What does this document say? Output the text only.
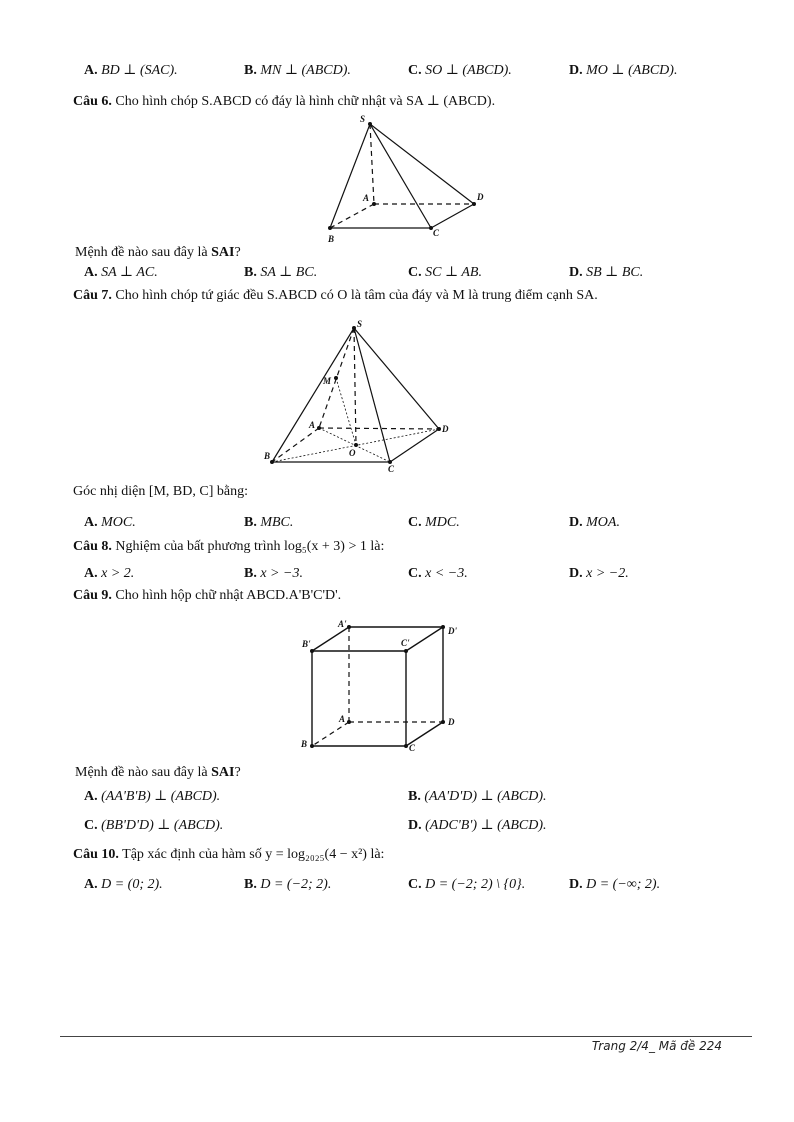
A. BD ⊥ (SAC).	B. MN ⊥ (ABCD).	C. SO ⊥ (ABCD).	D. MO ⊥ (ABCD).
Câu 6. Cho hình chóp S.ABCD có đáy là hình chữ nhật và SA ⊥ (ABCD).
S
A
B
C
D
Mệnh đề nào sau đây là SAI?
A. SA ⊥ AC.	B. SA ⊥ BC.	C. SC ⊥ AB.	D. SB ⊥ BC.
Câu 7. Cho hình chóp tứ giác đều S.ABCD có O là tâm của đáy và M là trung điểm cạnh SA.
S
M
A
B
C
D
O
Góc nhị diện [M, BD, C] bằng:
A. MOC.	B. MBC.	C. MDC.	D. MOA.
Câu 8. Nghiệm của bất phương trình log₅(x + 3) > 1 là:
A. x > 2.	B. x > −3.	C. x < −3.	D. x > −2.
Câu 9. Cho hình hộp chữ nhật ABCD.A'B'C'D'.
A'
B'	C'
D'
A
B	C
D
Mệnh đề nào sau đây là SAI?
A. (AA'B'B) ⊥ (ABCD).	B. (AA'D'D) ⊥ (ABCD).
C. (BB'D'D) ⊥ (ABCD).	D. (ADC'B') ⊥ (ABCD).
Câu 10. Tập xác định của hàm số y = log₂₀₂₅(4 − x²) là:
A. D = (0; 2).	B. D = (−2; 2).	C. D = (−2; 2) \ {0}.	D. D = (−∞; 2).
Trang 2/4_ Mã đề 224
